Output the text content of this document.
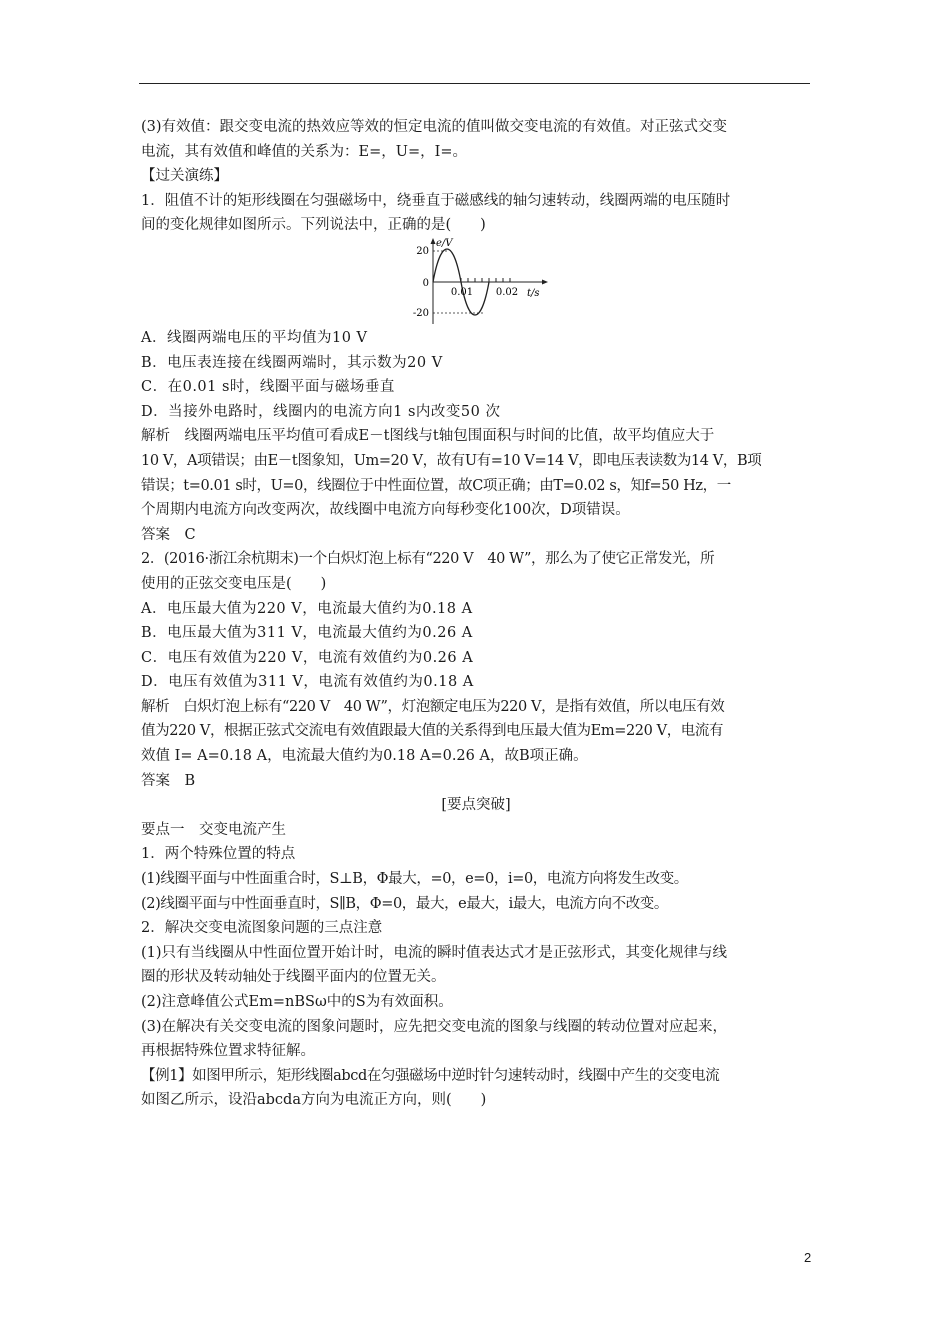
(3)有效值：跟交变电流的热效应等效的恒定电流的值叫做交变电流的有效值。对正弦式交变
电流，其有效值和峰值的关系为：E=，U=，I=。
【过关演练】
1．阻值不计的矩形线圈在匀强磁场中，绕垂直于磁感线的轴匀速转动，线圈两端的电压随时
间的变化规律如图所示。下列说法中，正确的是(　　)
e/V
20
0
-20
0.01 0.02 t/s
A．线圈两端电压的平均值为10 V
B．电压表连接在线圈两端时，其示数为20 V
C．在0.01 s时，线圈平面与磁场垂直
D．当接外电路时，线圈内的电流方向1 s内改变50 次
解析　线圈两端电压平均值可看成E－t图线与t轴包围面积与时间的比值，故平均值应大于
10 V，A项错误；由E－t图象知，Um=20 V，故有U有=10 V=14 V，即电压表读数为14 V，B项
错误；t=0.01 s时，U=0，线圈位于中性面位置，故C项正确；由T=0.02 s，知f=50 Hz，一
个周期内电流方向改变两次，故线圈中电流方向每秒变化100次，D项错误。
答案　C
2．(2016·浙江余杭期末)一个白炽灯泡上标有“220 V　40 W”，那么为了使它正常发光，所
使用的正弦交变电压是(　　)
A．电压最大值为220 V，电流最大值约为0.18 A
B．电压最大值为311 V，电流最大值约为0.26 A
C．电压有效值为220 V，电流有效值约为0.26 A
D．电压有效值为311 V，电流有效值约为0.18 A
解析　白炽灯泡上标有“220 V　40 W”，灯泡额定电压为220 V，是指有效值，所以电压有效
值为220 V，根据正弦式交流电有效值跟最大值的关系得到电压最大值为Em=220 V，电流有
效值 I= A=0.18 A，电流最大值约为0.18 A=0.26 A，故B项正确。
答案　B
[要点突破]
要点一　交变电流产生
1．两个特殊位置的特点
(1)线圈平面与中性面重合时，S⊥B，Φ最大，=0，e=0，i=0，电流方向将发生改变。
(2)线圈平面与中性面垂直时，S∥B，Φ=0，最大，e最大，i最大，电流方向不改变。
2．解决交变电流图象问题的三点注意
(1)只有当线圈从中性面位置开始计时，电流的瞬时值表达式才是正弦形式，其变化规律与线
圈的形状及转动轴处于线圈平面内的位置无关。
(2)注意峰值公式Em=nBSω中的S为有效面积。
(3)在解决有关交变电流的图象问题时，应先把交变电流的图象与线圈的转动位置对应起来，
再根据特殊位置求特征解。
【例1】如图甲所示，矩形线圈abcd在匀强磁场中逆时针匀速转动时，线圈中产生的交变电流
如图乙所示，设沿abcda方向为电流正方向，则(　　)
2
